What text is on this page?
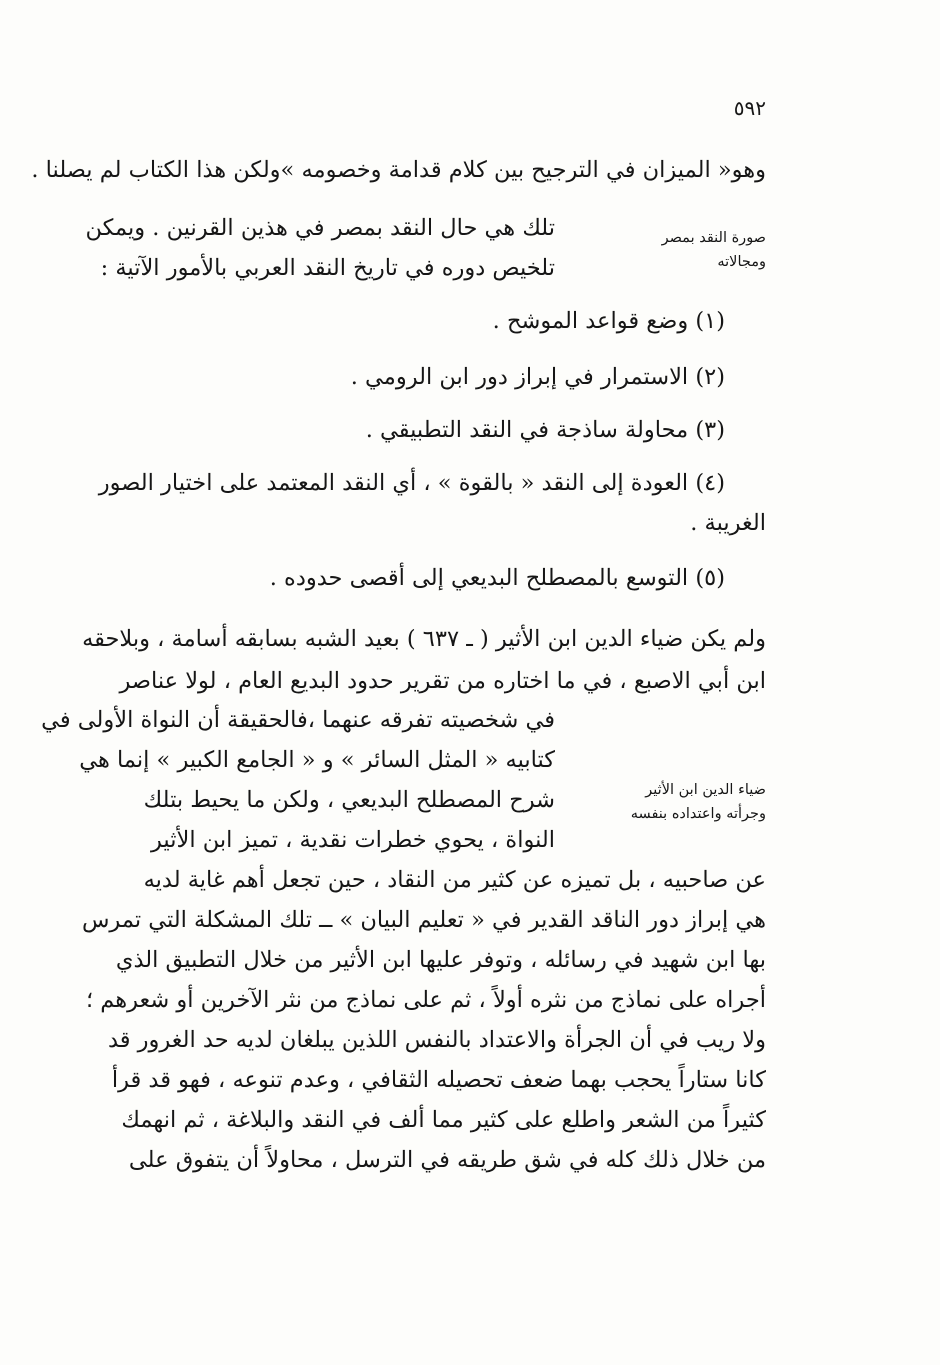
٥٩٢
صورة النقد بمصر
ومجالاته
ضياء الدين ابن الأثير
وجرأته واعتداده بنفسه
وهو« الميزان في الترجيح بين كلام قدامة وخصومه »ولكن هذا الكتاب لم يصلنا .
تلك هي حال النقد بمصر في هذين القرنين . ويمكن
تلخيص دوره في تاريخ النقد العربي بالأمور الآتية :
(١) وضع قواعد الموشح .
(٢) الاستمرار في إبراز دور ابن الرومي .
(٣) محاولة ساذجة في النقد التطبيقي .
(٤) العودة إلى النقد « بالقوة » ، أي النقد المعتمد على اختيار الصور
الغريبة .
(٥) التوسع بالمصطلح البديعي إلى أقصى حدوده .
ولم يكن ضياء الدين ابن الأثير ( ـ ٦٣٧ ) بعيد الشبه بسابقه أسامة ، وبلاحقه
ابن أبي الاصبع ، في ما اختاره من تقرير حدود البديع العام ، لولا عناصر
في شخصيته تفرقه عنهما ،فالحقيقة أن النواة الأولى في
كتابيه « المثل السائر » و « الجامع الكبير » إنما هي
شرح المصطلح البديعي ، ولكن ما يحيط بتلك
النواة ، يحوي خطرات نقدية ، تميز ابن الأثير
عن صاحبيه ، بل تميزه عن كثير من النقاد ، حين تجعل أهم غاية لديه
هي إبراز دور الناقد القدير في « تعليم البيان » ــ تلك المشكلة التي تمرس
بها ابن شهيد في رسائله ، وتوفر عليها ابن الأثير من خلال التطبيق الذي
أجراه على نماذج من نثره أولاً ، ثم على نماذج من نثر الآخرين أو شعرهم ؛
ولا ريب في أن الجرأة والاعتداد بالنفس اللذين يبلغان لديه حد الغرور قد
كانا ستاراً يحجب بهما ضعف تحصيله الثقافي ، وعدم تنوعه ، فهو قد قرأ
كثيراً من الشعر واطلع على كثير مما ألف في النقد والبلاغة ، ثم انهمك
من خلال ذلك كله في شق طريقه في الترسل ، محاولاً أن يتفوق على
